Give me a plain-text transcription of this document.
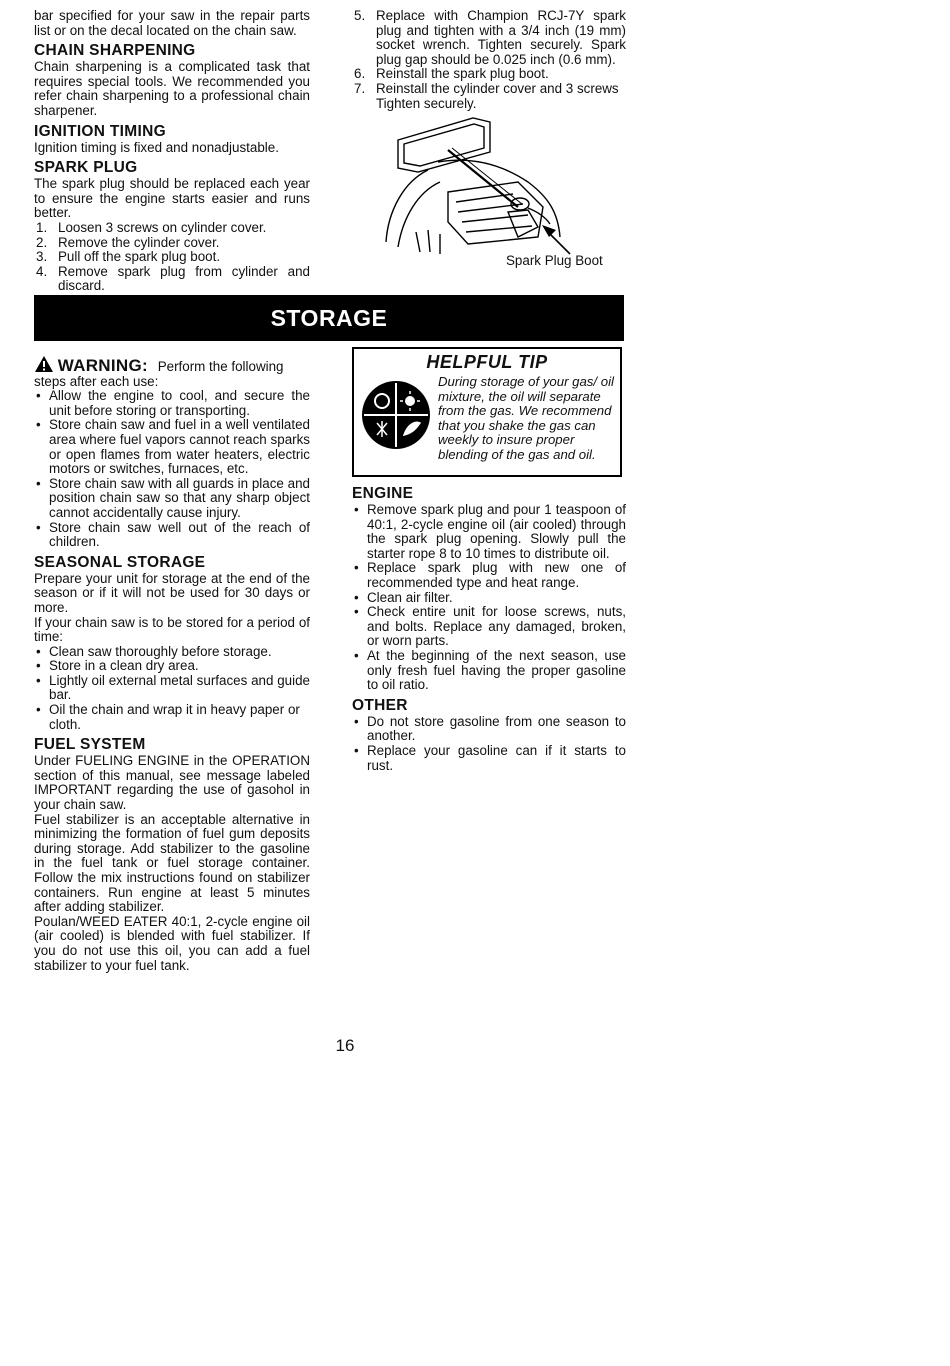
bar specified for your saw in the repair parts list or on the decal located on the chain saw.

CHAIN SHARPENING

Chain sharpening is a complicated task that requires special tools. We recommended you refer chain sharpening to a professional chain sharpener.

IGNITION TIMING

Ignition timing is fixed and nonadjustable.

SPARK PLUG

The spark plug should be replaced each year to ensure the engine starts easier and runs better.

1. Loosen 3 screws on cylinder cover.
2. Remove the cylinder cover.
3. Pull off the spark plug boot.
4. Remove spark plug from cylinder and discard.
5. Replace with Champion RCJ-7Y spark plug and tighten with a 3/4 inch (19 mm) socket wrench. Tighten securely. Spark plug gap should be 0.025 inch (0.6 mm).
6. Reinstall the spark plug boot.
7. Reinstall the cylinder cover and 3 screws Tighten securely.
Spark Plug Boot
STORAGE
WARNING: Perform the following steps after each use:
• Allow the engine to cool, and secure the unit before storing or transporting.
• Store chain saw and fuel in a well ventilated area where fuel vapors cannot reach sparks or open flames from water heaters, electric motors or switches, furnaces, etc.
• Store chain saw with all guards in place and position chain saw so that any sharp object cannot accidentally cause injury.
• Store chain saw well out of the reach of children.
SEASONAL STORAGE

Prepare your unit for storage at the end of the season or if it will not be used for 30 days or more.

If your chain saw is to be stored for a period of time:

• Clean saw thoroughly before storage.
• Store in a clean dry area.
• Lightly oil external metal surfaces and guide bar.
• Oil the chain and wrap it in heavy paper or cloth.
FUEL SYSTEM

Under FUELING ENGINE in the OPERATION section of this manual, see message labeled IMPORTANT regarding the use of gasohol in your chain saw.

Fuel stabilizer is an acceptable alternative in minimizing the formation of fuel gum deposits during storage. Add stabilizer to the gasoline in the fuel tank or fuel storage container. Follow the mix instructions found on stabilizer containers. Run engine at least 5 minutes after adding stabilizer.

Poulan/WEED EATER 40:1, 2-cycle engine oil (air cooled) is blended with fuel stabilizer. If you do not use this oil, you can add a fuel stabilizer to your fuel tank.

HELPFUL TIP
During storage of your gas/ oil mixture, the oil will separate from the gas. We recommend that you shake the gas can weekly to insure proper blending of the gas and oil.
ENGINE
• Remove spark plug and pour 1 teaspoon of 40:1, 2-cycle engine oil (air cooled) through the spark plug opening. Slowly pull the starter rope 8 to 10 times to distribute oil.
• Replace spark plug with new one of recommended type and heat range.
• Clean air filter.
• Check entire unit for loose screws, nuts, and bolts. Replace any damaged, broken, or worn parts.
• At the beginning of the next season, use only fresh fuel having the proper gasoline to oil ratio.
OTHER
• Do not store gasoline from one season to another.
• Replace your gasoline can if it starts to rust.
16
